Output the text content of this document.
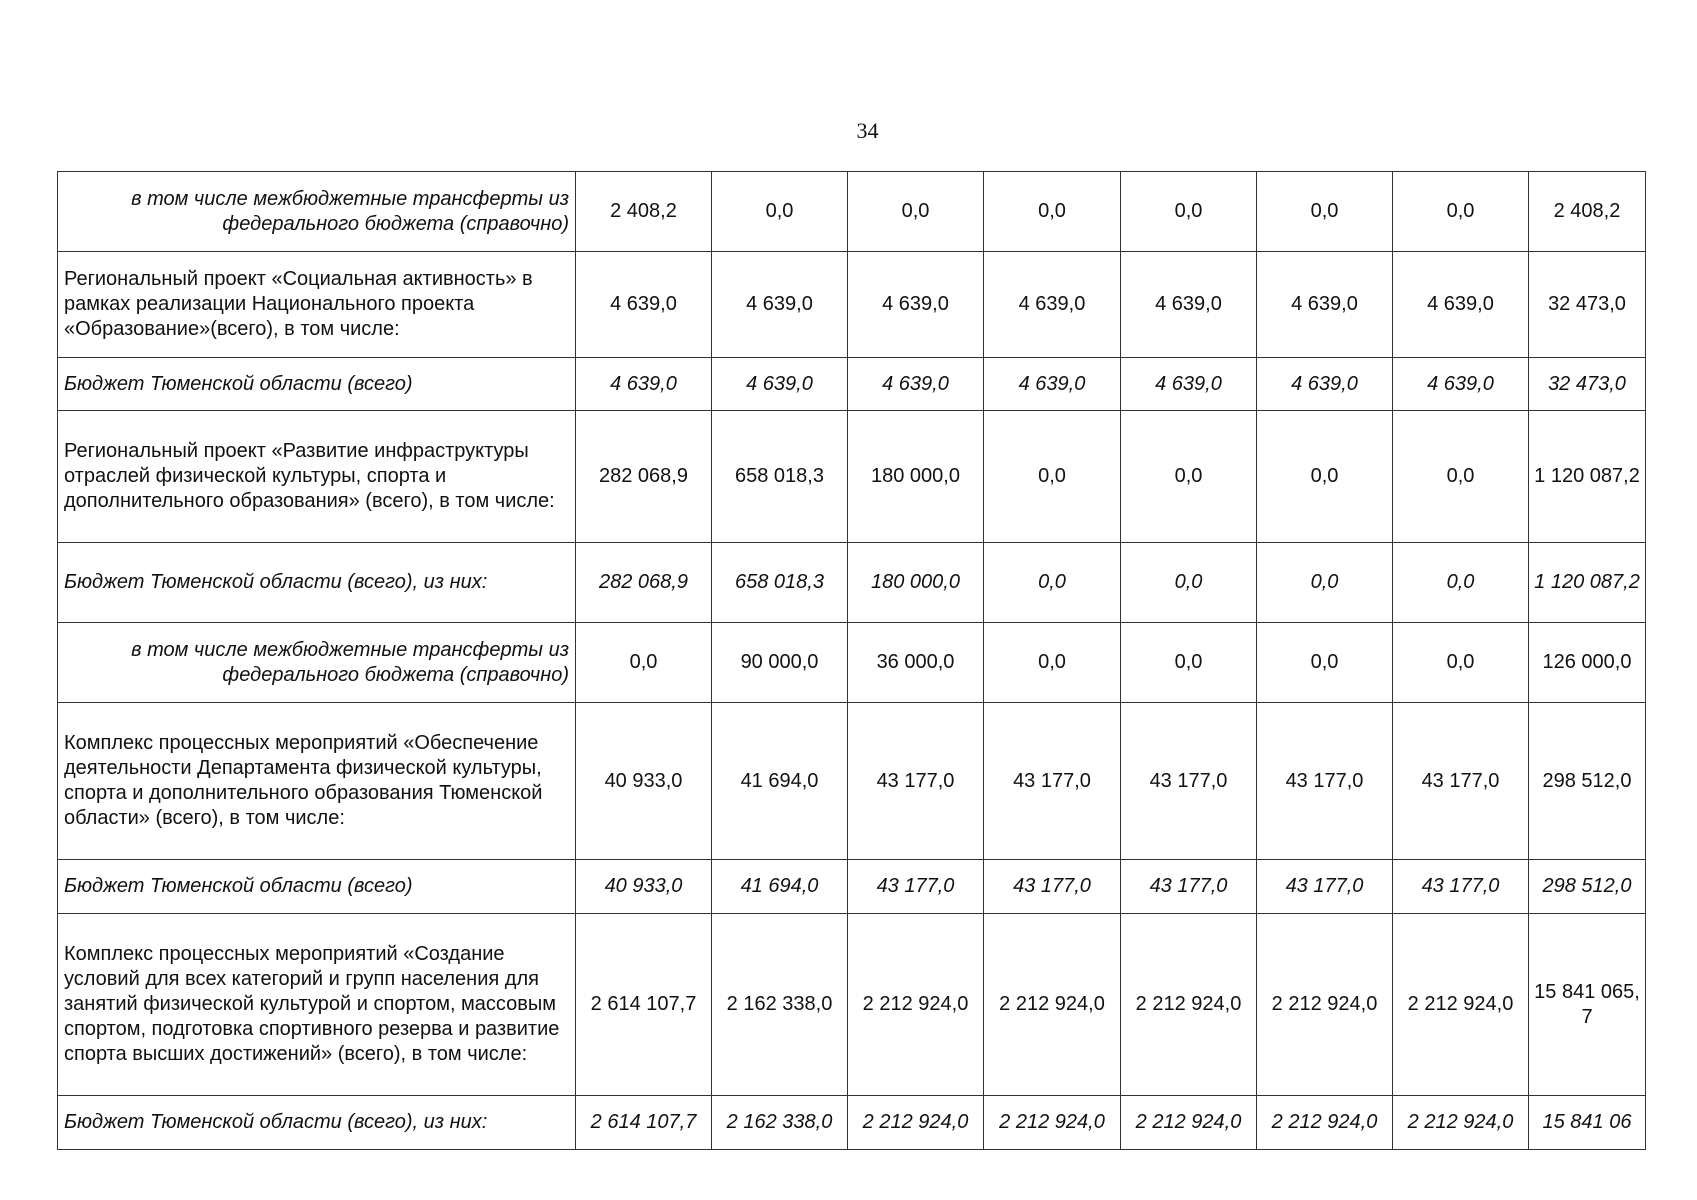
34
в том числе межбюджетные трансферты из федерального бюджета (справочно)	2 408,2	0,0	0,0	0,0	0,0	0,0	0,0	2 408,2
Региональный проект «Социальная активность» в рамках реализации Национального проекта «Образование»(всего), в том числе:	4 639,0	4 639,0	4 639,0	4 639,0	4 639,0	4 639,0	4 639,0	32 473,0
Бюджет Тюменской области (всего)	4 639,0	4 639,0	4 639,0	4 639,0	4 639,0	4 639,0	4 639,0	32 473,0
Региональный проект «Развитие инфраструктуры отраслей физической культуры, спорта и дополнительного образования» (всего), в том числе:	282 068,9	658 018,3	180 000,0	0,0	0,0	0,0	0,0	1 120 087,2
Бюджет Тюменской области (всего), из них:	282 068,9	658 018,3	180 000,0	0,0	0,0	0,0	0,0	1 120 087,2
в том числе межбюджетные трансферты из федерального бюджета (справочно)	0,0	90 000,0	36 000,0	0,0	0,0	0,0	0,0	126 000,0
Комплекс процессных мероприятий «Обеспечение деятельности Департамента физической культуры, спорта и дополнительного образования Тюменской области» (всего), в том числе:	40 933,0	41 694,0	43 177,0	43 177,0	43 177,0	43 177,0	43 177,0	298 512,0
Бюджет Тюменской области (всего)	40 933,0	41 694,0	43 177,0	43 177,0	43 177,0	43 177,0	43 177,0	298 512,0
Комплекс процессных мероприятий «Создание условий для всех категорий и групп населения для занятий физической культурой и спортом, массовым спортом, подготовка спортивного резерва и развитие спорта высших достижений» (всего), в том числе:	2 614 107,7	2 162 338,0	2 212 924,0	2 212 924,0	2 212 924,0	2 212 924,0	2 212 924,0	15 841 065,7
Бюджет Тюменской области (всего), из них:	2 614 107,7	2 162 338,0	2 212 924,0	2 212 924,0	2 212 924,0	2 212 924,0	2 212 924,0	15 841 06
